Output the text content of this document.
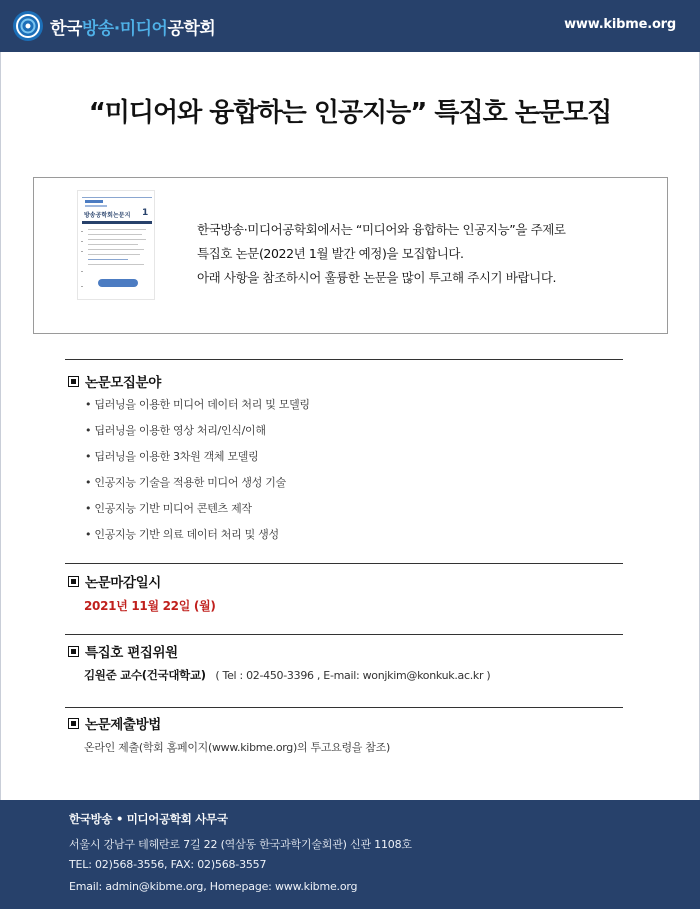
한국방송·미디어공학회	www.kibme.org
“미디어와 융합하는 인공지능” 특집호 논문모집
방송공학회논문지 1
한국방송·미디어공학회에서는 “미디어와 융합하는 인공지능”을 주제로
특집호 논문(2022년 1월 발간 예정)을 모집합니다.
아래 사항을 참조하시어 훌륭한 논문을 많이 투고해 주시기 바랍니다.
논문모집분야
• 딥러닝을 이용한 미디어 데이터 처리 및 모델링
• 딥러닝을 이용한 영상 처리/인식/이해
• 딥러닝을 이용한 3차원 객체 모델링
• 인공지능 기술을 적용한 미디어 생성 기술
• 인공지능 기반 미디어 콘텐츠 제작
• 인공지능 기반 의료 데이터 처리 및 생성
논문마감일시
2021년 11월 22일 (월)
특집호 편집위원
김원준 교수(건국대학교) ( Tel : 02-450-3396 , E-mail: wonjkim@konkuk.ac.kr )
논문제출방법
온라인 제출(학회 홈페이지(www.kibme.org)의 투고요령을 참조)
한국방송 • 미디어공학회 사무국
서울시 강남구 테헤란로 7길 22 (역삼동 한국과학기술회관) 신관 1108호
TEL: 02)568-3556, FAX: 02)568-3557
Email: admin@kibme.org, Homepage: www.kibme.org
